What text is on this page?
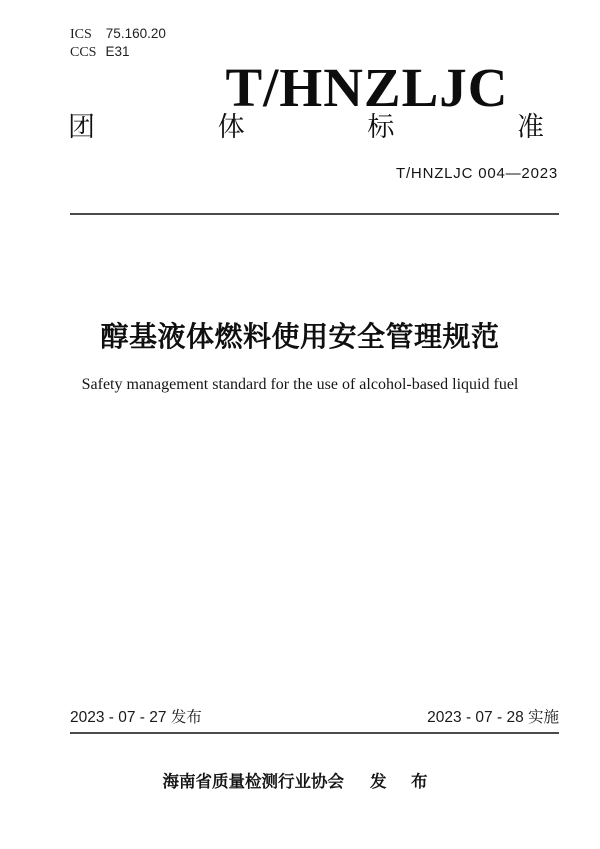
ICS 75.160.20
CCS E31
T/HNZLJC
团	体	标	准
T/HNZLJC 004—2023
醇基液体燃料使用安全管理规范
Safety management standard for the use of alcohol-based liquid fuel
2023 - 07 - 27 发布	2023 - 07 - 28 实施
海南省质量检测行业协会 发 布
